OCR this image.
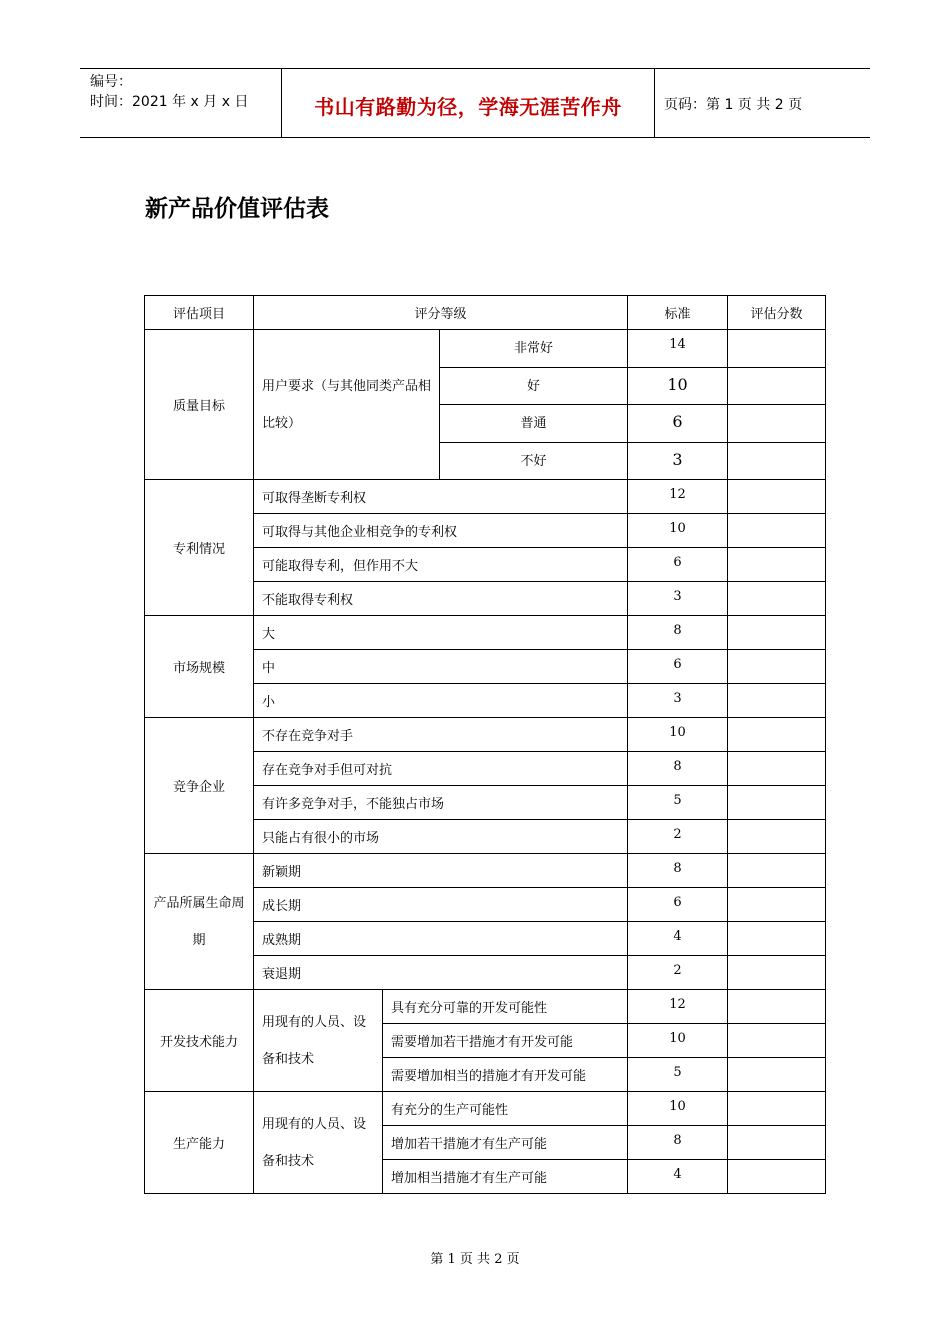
编号：
时间：2021 年 x 月 x 日	书山有路勤为径，学海无涯苦作舟	页码：第 1 页 共 2 页
新产品价值评估表
评估项目	评分等级			标准	评估分数
质量目标	用户要求（与其他同类产品相比较）		非常好	14	
			好	10	
			普通	6	
			不好	3	
专利情况	可取得垄断专利权			12	
	可取得与其他企业相竞争的专利权			10	
	可能取得专利，但作用不大			6	
	不能取得专利权			3	
市场规模	大			8	
	中			6	
	小			3	
竞争企业	不存在竞争对手			10	
	存在竞争对手但可对抗			8	
	有许多竞争对手，不能独占市场			5	
	只能占有很小的市场			2	
产品所属生命周期	新颖期			8	
	成长期			6	
	成熟期			4	
	衰退期			2	
开发技术能力	用现有的人员、设备和技术	具有充分可靠的开发可能性		12	
		需要增加若干措施才有开发可能		10	
		需要增加相当的措施才有开发可能		5	
生产能力	用现有的人员、设备和技术	有充分的生产可能性		10	
		增加若干措施才有生产可能		8	
		增加相当措施才有生产可能		4	
第 1 页 共 2 页
